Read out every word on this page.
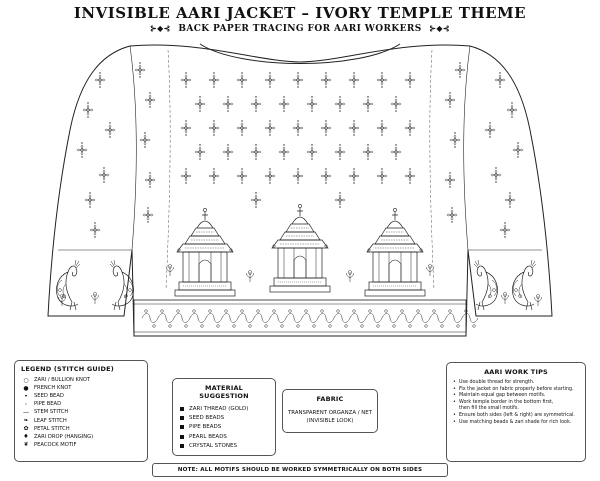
INVISIBLE AARI JACKET – IVORY TEMPLE THEME
⊱◆⊰ BACK PAPER TRACING FOR AARI WORKERS ⊱◆⊰
LEGEND (STITCH GUIDE)
○	ZARI / BULLION KNOT
●	FRENCH KNOT
•	SEED BEAD
◦	PIPE BEAD
— STEM STITCH
❧	LEAF STITCH
✿	PETAL STITCH
♦	ZARI DROP (HANGING)
❦	PEACOCK MOTIF
MATERIAL SUGGESTION
ZARI THREAD (GOLD)
SEED BEADS
PIPE BEADS
PEARL BEADS
CRYSTAL STONES
FABRIC
TRANSPARENT ORGANZA / NET
(INVISIBLE LOOK)
AARI WORK TIPS
• Use double thread for strength.
• Fix the jacket on fabric properly before starting.
• Maintain equal gap between motifs.
• Work temple border in the bottom first,
then fill the small motifs.
• Ensure both sides (left & right) are symmetrical.
• Use matching beads & zari shade for rich look.
NOTE: ALL MOTIFS SHOULD BE WORKED SYMMETRICALLY ON BOTH SIDES
